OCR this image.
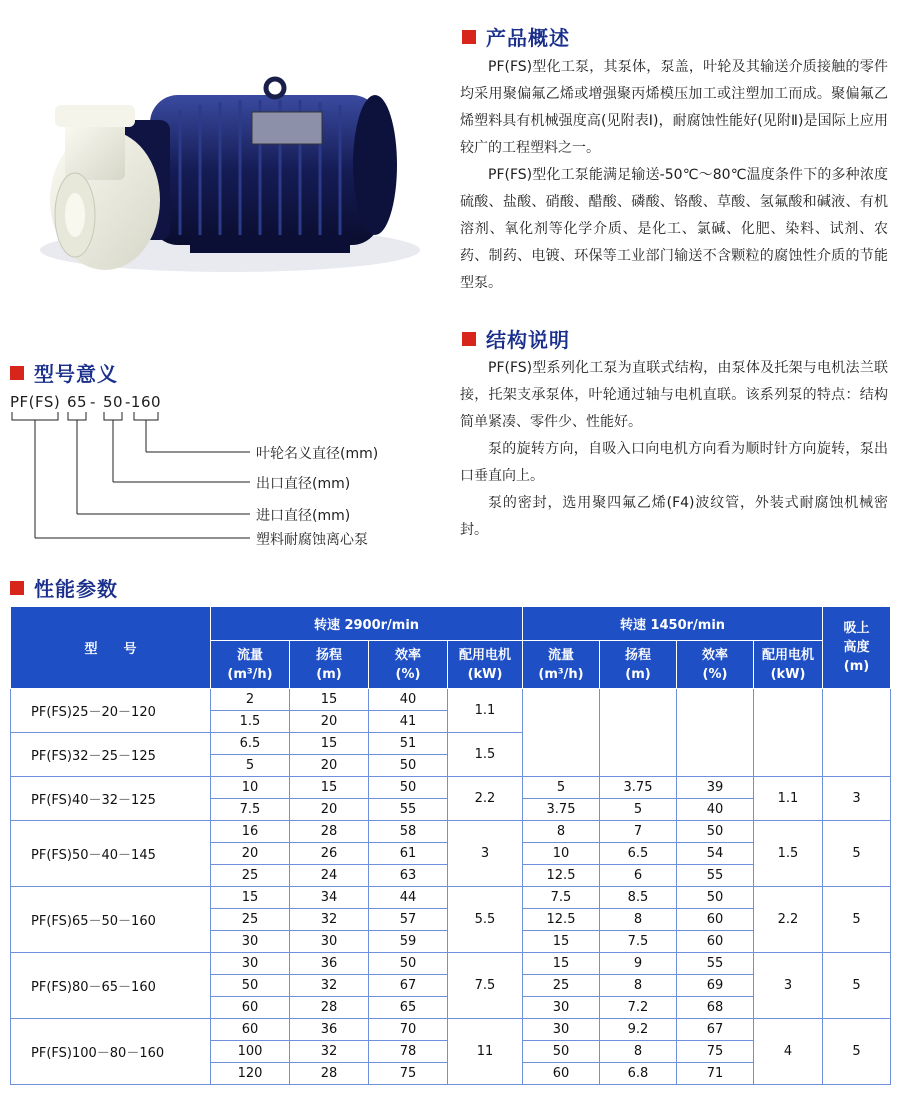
产品概述

PF(FS)型化工泵，其泵体，泵盖，叶轮及其输送介质接触的零件均采用聚偏氟乙烯或增强聚丙烯模压加工或注塑加工而成。聚偏氟乙烯塑料具有机械强度高(见附表Ⅰ)，耐腐蚀性能好(见附Ⅱ)是国际上应用较广的工程塑料之一。

PF(FS)型化工泵能满足输送-50℃～80℃温度条件下的多种浓度硫酸、盐酸、硝酸、醋酸、磷酸、铬酸、草酸、氢氟酸和碱液、有机溶剂、氧化剂等化学介质、是化工、氯碱、化肥、染料、试剂、农药、制药、电镀、环保等工业部门输送不含颗粒的腐蚀性介质的节能型泵。

结构说明

PF(FS)型系列化工泵为直联式结构，由泵体及托架与电机法兰联接，托架支承泵体，叶轮通过轴与电机直联。该系列泵的特点：结构简单紧凑、零件少、性能好。

泵的旋转方向，自吸入口向电机方向看为顺时针方向旋转，泵出口垂直向上。

泵的密封，选用聚四氟乙烯(F4)波纹管，外装式耐腐蚀机械密封。

型号意义
PF(FS) 65 - 50 -160
叶轮名义直径(mm)
出口直径(mm)
进口直径(mm)
塑料耐腐蚀离心泵
性能参数
型　　号	转速 2900r/min				转速 1450r/min				吸上
高度
(m)

	流量
(m³/h)	扬程
(m)	效率
(%)	配用电机
(kW)	流量
(m³/h)	扬程
(m)	效率
(%)	配用电机
(kW)	

PF(FS)25－20－120	2	15	40	1.1					
	1.5	20	41						
PF(FS)32－25－125	6.5	15	51	1.5					
	5	20	50						
PF(FS)40－32－125	10	15	50	2.2	5	3.75	39	1.1	3
	7.5	20	55		3.75	5	40		
PF(FS)50－40－145	16	28	58	3	8	7	50	1.5	5
	20	26	61		10	6.5	54		
	25	24	63		12.5	6	55		
PF(FS)65－50－160	15	34	44	5.5	7.5	8.5	50	2.2	5
	25	32	57		12.5	8	60		
	30	30	59		15	7.5	60		
PF(FS)80－65－160	30	36	50	7.5	15	9	55	3	5
	50	32	67		25	8	69		
	60	28	65		30	7.2	68		
PF(FS)100－80－160	60	36	70	11	30	9.2	67	4	5
	100	32	78		50	8	75		
	120	28	75		60	6.8	71		
